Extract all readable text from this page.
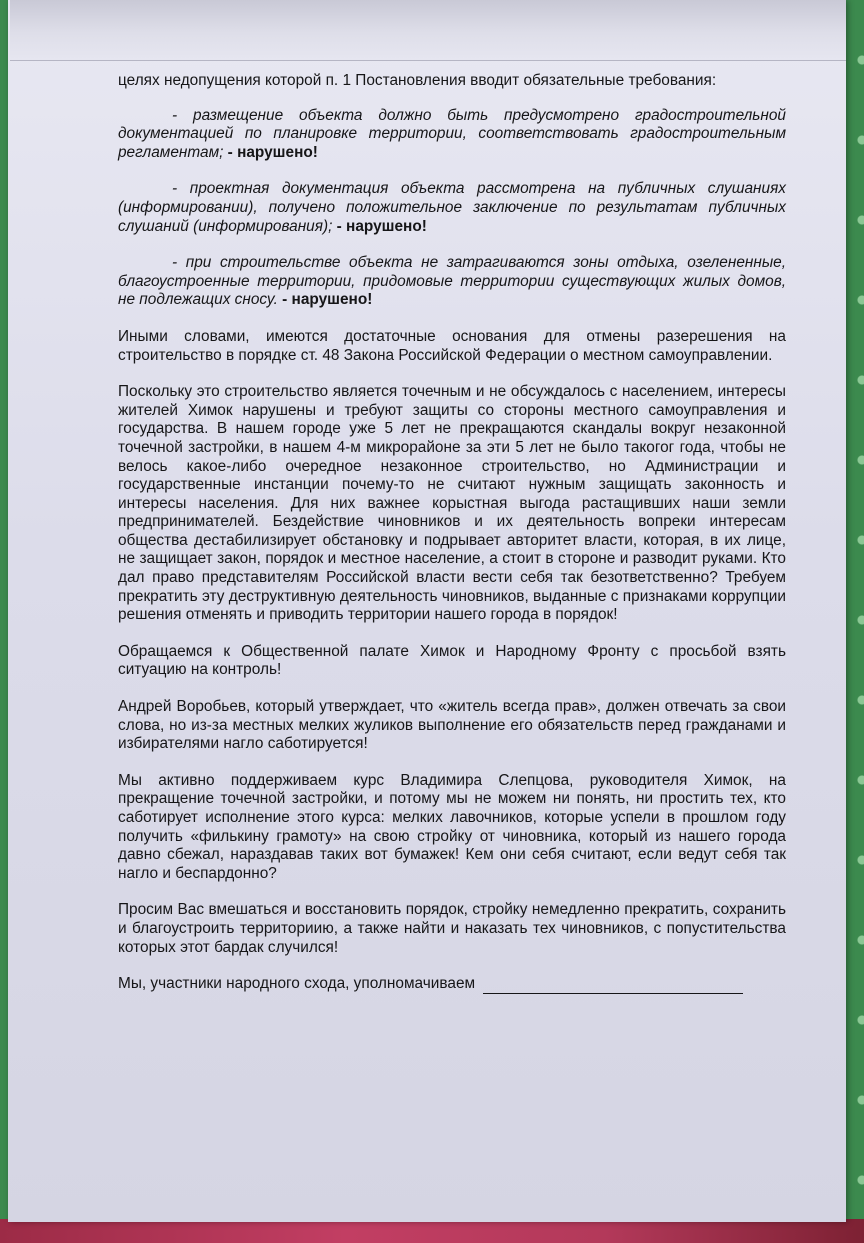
целях недопущения которой п. 1 Постановления вводит обязательные требования:

- размещение объекта должно быть предусмотрено градостроительной документацией по планировке территории, соответствовать градостроительным регламентам; - нарушено!

- проектная документация объекта рассмотрена на публичных слушаниях (информировании), получено положительное заключение по результатам публичных слушаний (информирования); - нарушено!

- при строительстве объекта не затрагиваются зоны отдыха, озелененные, благоустроенные территории, придомовые территории существующих жилых домов, не подлежащих сносу. - нарушено!

Иными словами, имеются достаточные основания для отмены разерешения на строительство в порядке ст. 48 Закона Российской Федерации о местном самоуправлении.

Поскольку это строительство является точечным и не обсуждалось с населением, интересы жителей Химок нарушены и требуют защиты со стороны местного самоуправления и государства. В нашем городе уже 5 лет не прекращаются скандалы вокруг незаконной точечной застройки, в нашем 4-м микрорайоне за эти 5 лет не было такогог года, чтобы не велось какое-либо очередное незаконное строительство, но Администрации и государственные инстанции почему-то не считают нужным защищать законность и интересы населения. Для них важнее корыстная выгода растащивших наши земли предпринимателей. Бездействие чиновников и их деятельность вопреки интересам общества дестабилизирует обстановку и подрывает авторитет власти, которая, в их лице, не защищает закон, порядок и местное население, а стоит в стороне и разводит руками. Кто дал право представителям Российской власти вести себя так безответственно? Требуем прекратить эту деструктивную деятельность чиновников, выданные с признаками коррупции решения отменять и приводить территории нашего города в порядок!

Обращаемся к Общественной палате Химок и Народному Фронту с просьбой взять ситуацию на контроль!

Андрей Воробьев, который утверждает, что «житель всегда прав», должен отвечать за свои слова, но из-за местных мелких жуликов выполнение его обязательств перед гражданами и избирателями нагло саботируется!

Мы активно поддерживаем курс Владимира Слепцова, руководителя Химок, на прекращение точечной застройки, и потому мы не можем ни понять, ни простить тех, кто саботирует исполнение этого курса: мелких лавочников, которые успели в прошлом году получить «филькину грамоту» на свою стройку от чиновника, который из нашего города давно сбежал, нараздавав таких вот бумажек! Кем они себя считают, если ведут себя так нагло и беспардонно?

Просим Вас вмешаться и восстановить порядок, стройку немедленно прекратить, сохранить и благоустроить территориию, а также найти и наказать тех чиновников, с попустительства которых этот бардак случился!

Мы, участники народного схода, уполномачиваем
